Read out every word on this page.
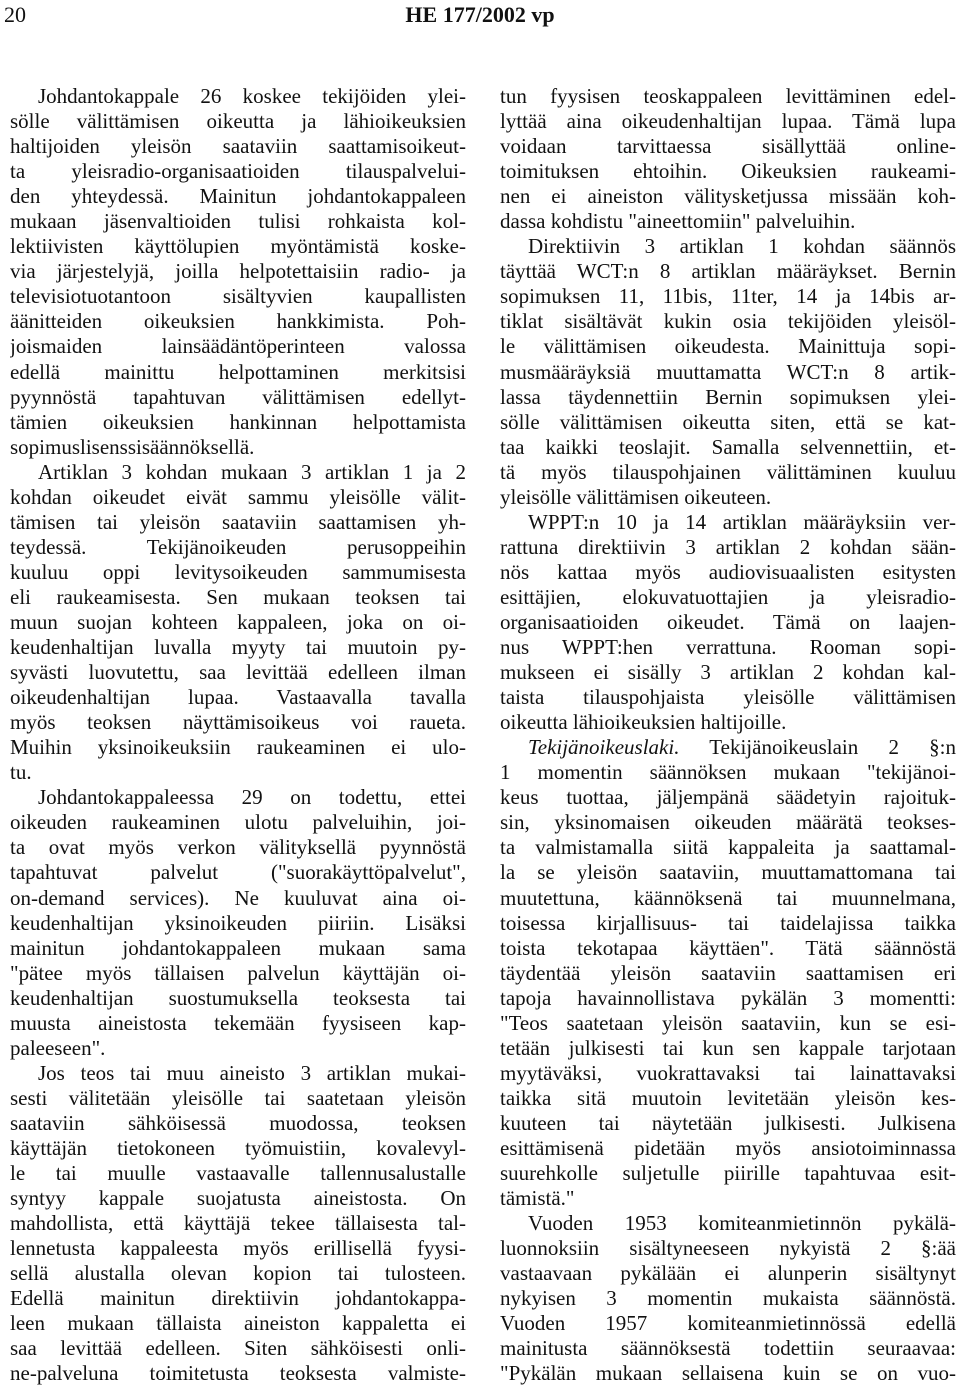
20	HE 177/2002 vp
Johdantokappale 26 koskee tekijöiden ylei-
sölle välittämisen oikeutta ja lähioikeuksien
haltijoiden yleisön saataviin saattamisoikeut-
ta yleisradio-organisaatioiden tilauspalvelui-
den yhteydessä. Mainitun johdantokappaleen
mukaan jäsenvaltioiden tulisi rohkaista kol-
lektiivisten käyttölupien myöntämistä koske-
via järjestelyjä, joilla helpotettaisiin radio- ja
televisiotuotantoon sisältyvien kaupallisten
äänitteiden oikeuksien hankkimista. Poh-
joismaiden lainsäädäntöperinteen valossa
edellä mainittu helpottaminen merkitsisi
pyynnöstä tapahtuvan välittämisen edellyt-
tämien oikeuksien hankinnan helpottamista
sopimuslisenssisäännöksellä.
Artiklan 3 kohdan mukaan 3 artiklan 1 ja 2
kohdan oikeudet eivät sammu yleisölle välit-
tämisen tai yleisön saataviin saattamisen yh-
teydessä. Tekijänoikeuden perusoppeihin
kuuluu oppi levitysoikeuden sammumisesta
eli raukeamisesta. Sen mukaan teoksen tai
muun suojan kohteen kappaleen, joka on oi-
keudenhaltijan luvalla myyty tai muutoin py-
syvästi luovutettu, saa levittää edelleen ilman
oikeudenhaltijan lupaa. Vastaavalla tavalla
myös teoksen näyttämisoikeus voi raueta.
Muihin yksinoikeuksiin raukeaminen ei ulo-
tu.
Johdantokappaleessa 29 on todettu, ettei
oikeuden raukeaminen ulotu palveluihin, joi-
ta ovat myös verkon välityksellä pyynnöstä
tapahtuvat palvelut ("suorakäyttöpalvelut",
on-demand services). Ne kuuluvat aina oi-
keudenhaltijan yksinoikeuden piiriin. Lisäksi
mainitun johdantokappaleen mukaan sama
"pätee myös tällaisen palvelun käyttäjän oi-
keudenhaltijan suostumuksella teoksesta tai
muusta aineistosta tekemään fyysiseen kap-
paleeseen".
Jos teos tai muu aineisto 3 artiklan mukai-
sesti välitetään yleisölle tai saatetaan yleisön
saataviin sähköisessä muodossa, teoksen
käyttäjän tietokoneen työmuistiin, kovalevyl-
le tai muulle vastaavalle tallennusalustalle
syntyy kappale suojatusta aineistosta. On
mahdollista, että käyttäjä tekee tällaisesta tal-
lennetusta kappaleesta myös erillisellä fyysi-
sellä alustalla olevan kopion tai tulosteen.
Edellä mainitun direktiivin johdantokappa-
leen mukaan tällaista aineiston kappaletta ei
saa levittää edelleen. Siten sähköisesti onli-
ne-palveluna toimitetusta teoksesta valmiste-
tun fyysisen teoskappaleen levittäminen edel-
lyttää aina oikeudenhaltijan lupaa. Tämä lupa
voidaan tarvittaessa sisällyttää online-
toimituksen ehtoihin. Oikeuksien raukeami-
nen ei aineiston välitysketjussa missään koh-
dassa kohdistu "aineettomiin" palveluihin.
Direktiivin 3 artiklan 1 kohdan säännös
täyttää WCT:n 8 artiklan määräykset. Bernin
sopimuksen 11, 11bis, 11ter, 14 ja 14bis ar-
tiklat sisältävät kukin osia tekijöiden yleisöl-
le välittämisen oikeudesta. Mainittuja sopi-
musmääräyksiä muuttamatta WCT:n 8 artik-
lassa täydennettiin Bernin sopimuksen ylei-
sölle välittämisen oikeutta siten, että se kat-
taa kaikki teoslajit. Samalla selvennettiin, et-
tä myös tilauspohjainen välittäminen kuuluu
yleisölle välittämisen oikeuteen.
WPPT:n 10 ja 14 artiklan määräyksiin ver-
rattuna direktiivin 3 artiklan 2 kohdan sään-
nös kattaa myös audiovisuaalisten esitysten
esittäjien, elokuvatuottajien ja yleisradio-
organisaatioiden oikeudet. Tämä on laajen-
nus WPPT:hen verrattuna. Rooman sopi-
mukseen ei sisälly 3 artiklan 2 kohdan kal-
taista tilauspohjaista yleisölle välittämisen
oikeutta lähioikeuksien haltijoille.
Tekijänoikeuslaki. Tekijänoikeuslain 2 §:n
1 momentin säännöksen mukaan "tekijänoi-
keus tuottaa, jäljempänä säädetyin rajoituk-
sin, yksinomaisen oikeuden määrätä teokses-
ta valmistamalla siitä kappaleita ja saattamal-
la se yleisön saataviin, muuttamattomana tai
muutettuna, käännöksenä tai muunnelmana,
toisessa kirjallisuus- tai taidelajissa taikka
toista tekotapaa käyttäen". Tätä säännöstä
täydentää yleisön saataviin saattamisen eri
tapoja havainnollistava pykälän 3 momentti:
"Teos saatetaan yleisön saataviin, kun se esi-
tetään julkisesti tai kun sen kappale tarjotaan
myytäväksi, vuokrattavaksi tai lainattavaksi
taikka sitä muutoin levitetään yleisön kes-
kuuteen tai näytetään julkisesti. Julkisena
esittämisenä pidetään myös ansiotoiminnassa
suurehkolle suljetulle piirille tapahtuvaa esit-
tämistä."
Vuoden 1953 komiteanmietinnön pykälä-
luonnoksiin sisältyneeseen nykyistä 2 §:ää
vastaavaan pykälään ei alunperin sisältynyt
nykyisen 3 momentin mukaista säännöstä.
Vuoden 1957 komiteanmietinnössä edellä
mainitusta säännöksestä todettiin seuraavaa:
"Pykälän mukaan sellaisena kuin se on vuo-
